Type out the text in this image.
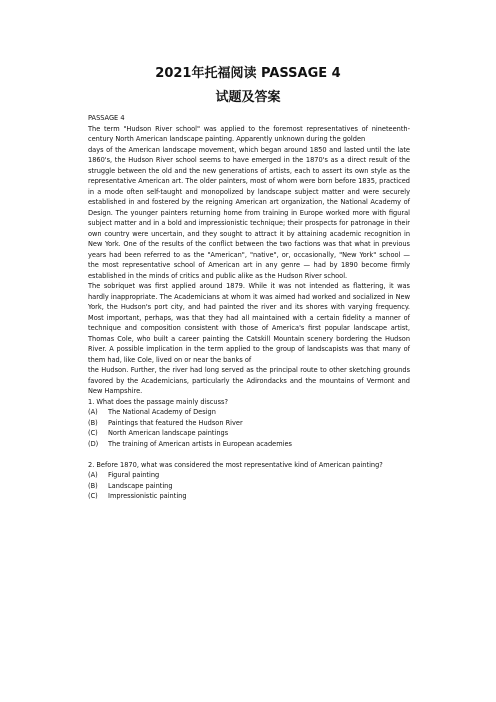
2021年托福阅读 PASSAGE 4
试题及答案

PASSAGE 4

The term "Hudson River school" was applied to the foremost representatives of nineteenth-century North American landscape painting. Apparently unknown during the golden

days of the American landscape movement, which began around 1850 and lasted until the late 1860's, the Hudson River school seems to have emerged in the 1870's as a direct result of the struggle between the old and the new generations of artists, each to assert its own style as the representative American art. The older painters, most of whom were born before 1835, practiced in a mode often self-taught and monopolized by landscape subject matter and were securely established in and fostered by the reigning American art organization, the National Academy of Design. The younger painters returning home from training in Europe worked more with figural subject matter and in a bold and impressionistic technique; their prospects for patronage in their own country were uncertain, and they sought to attract it by attaining academic recognition in New York. One of the results of the conflict between the two factions was that what in previous years had been referred to as the "American", "native", or, occasionally, "New York" school — the most representative school of American art in any genre — had by 1890 become firmly established in the minds of critics and public alike as the Hudson River school.

The sobriquet was first applied around 1879. While it was not intended as flattering, it was hardly inappropriate. The Academicians at whom it was aimed had worked and socialized in New York, the Hudson's port city, and had painted the river and its shores with varying frequency. Most important, perhaps, was that they had all maintained with a certain fidelity a manner of technique and composition consistent with those of America's first popular landscape artist, Thomas Cole, who built a career painting the Catskill Mountain scenery bordering the Hudson River. A possible implication in the term applied to the group of landscapists was that many of them had, like Cole, lived on or near the banks of

the Hudson. Further, the river had long served as the principal route to other sketching grounds favored by the Academicians, particularly the Adirondacks and the mountains of Vermont and New Hampshire.

1. What does the passage mainly discuss?

(A)	The National Academy of Design
(B)	Paintings that featured the Hudson River
(C)	North American landscape paintings
(D)	The training of American artists in European academies

2. Before 1870, what was considered the most representative kind of American painting?

(A)	Figural painting
(B)	Landscape painting
(C)	Impressionistic painting
